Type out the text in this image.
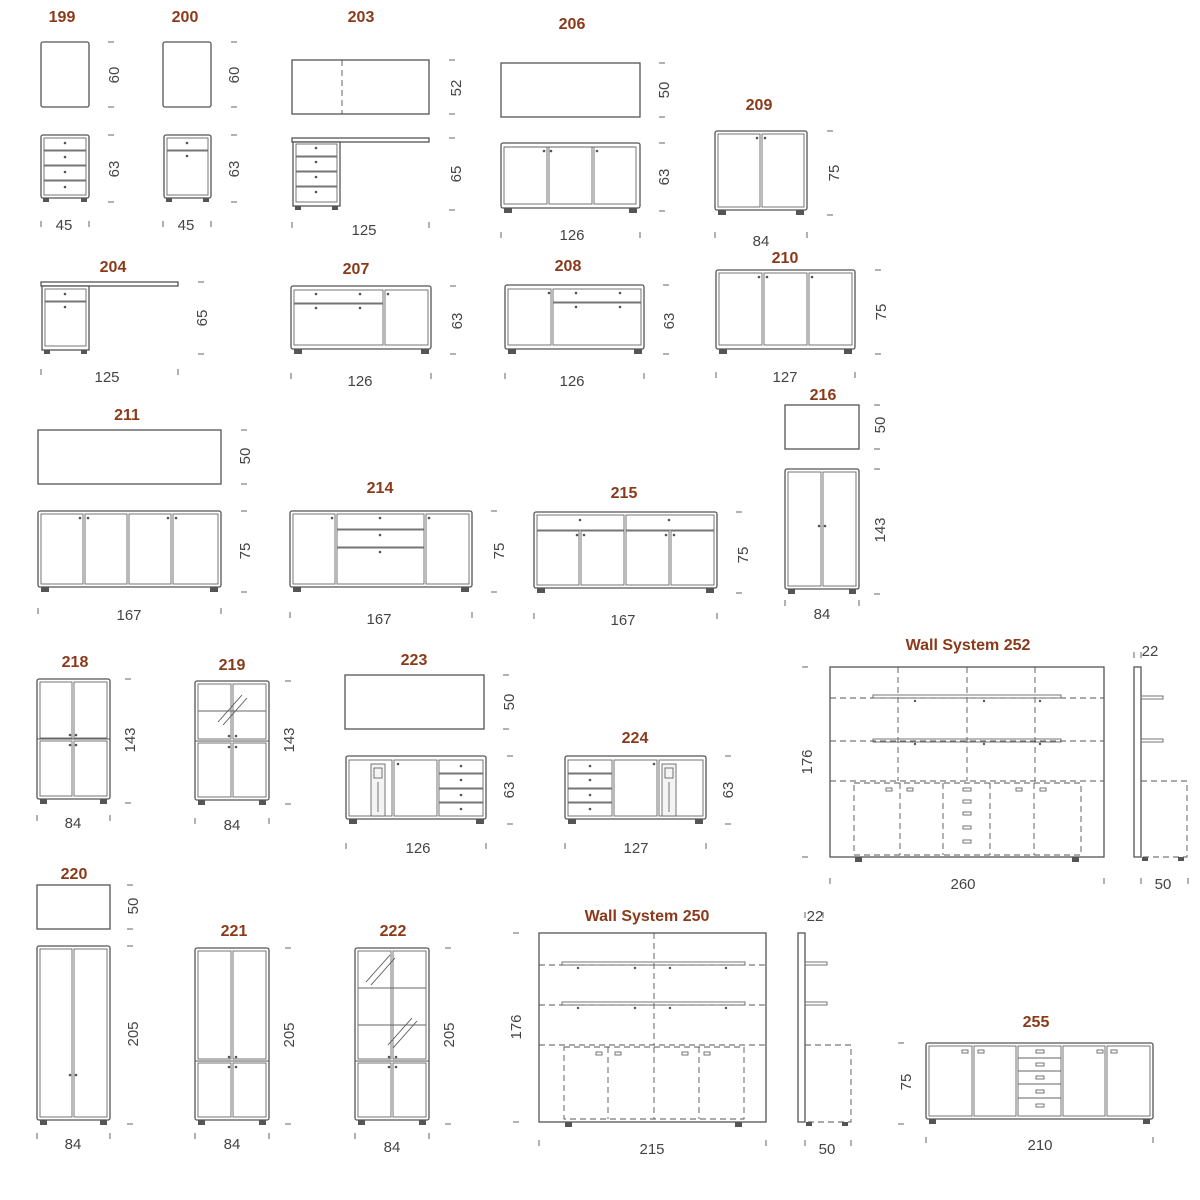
199
60
63
45
200
60
63
45
203
52
65
125
206
50
63
126
209
75
84
204
65
125
207
63
126
208
63
126
210
75
127
211
50
75
167
214
75
167
215
75
167
216
50
143
84
218
143
84
219
143
84
223
50
63
126
224
63
127
Wall System 252
176
260
22
50
220
50
205
84
221
205
84
222
205
84
Wall System 250
176
215
22
50
255
75
210
